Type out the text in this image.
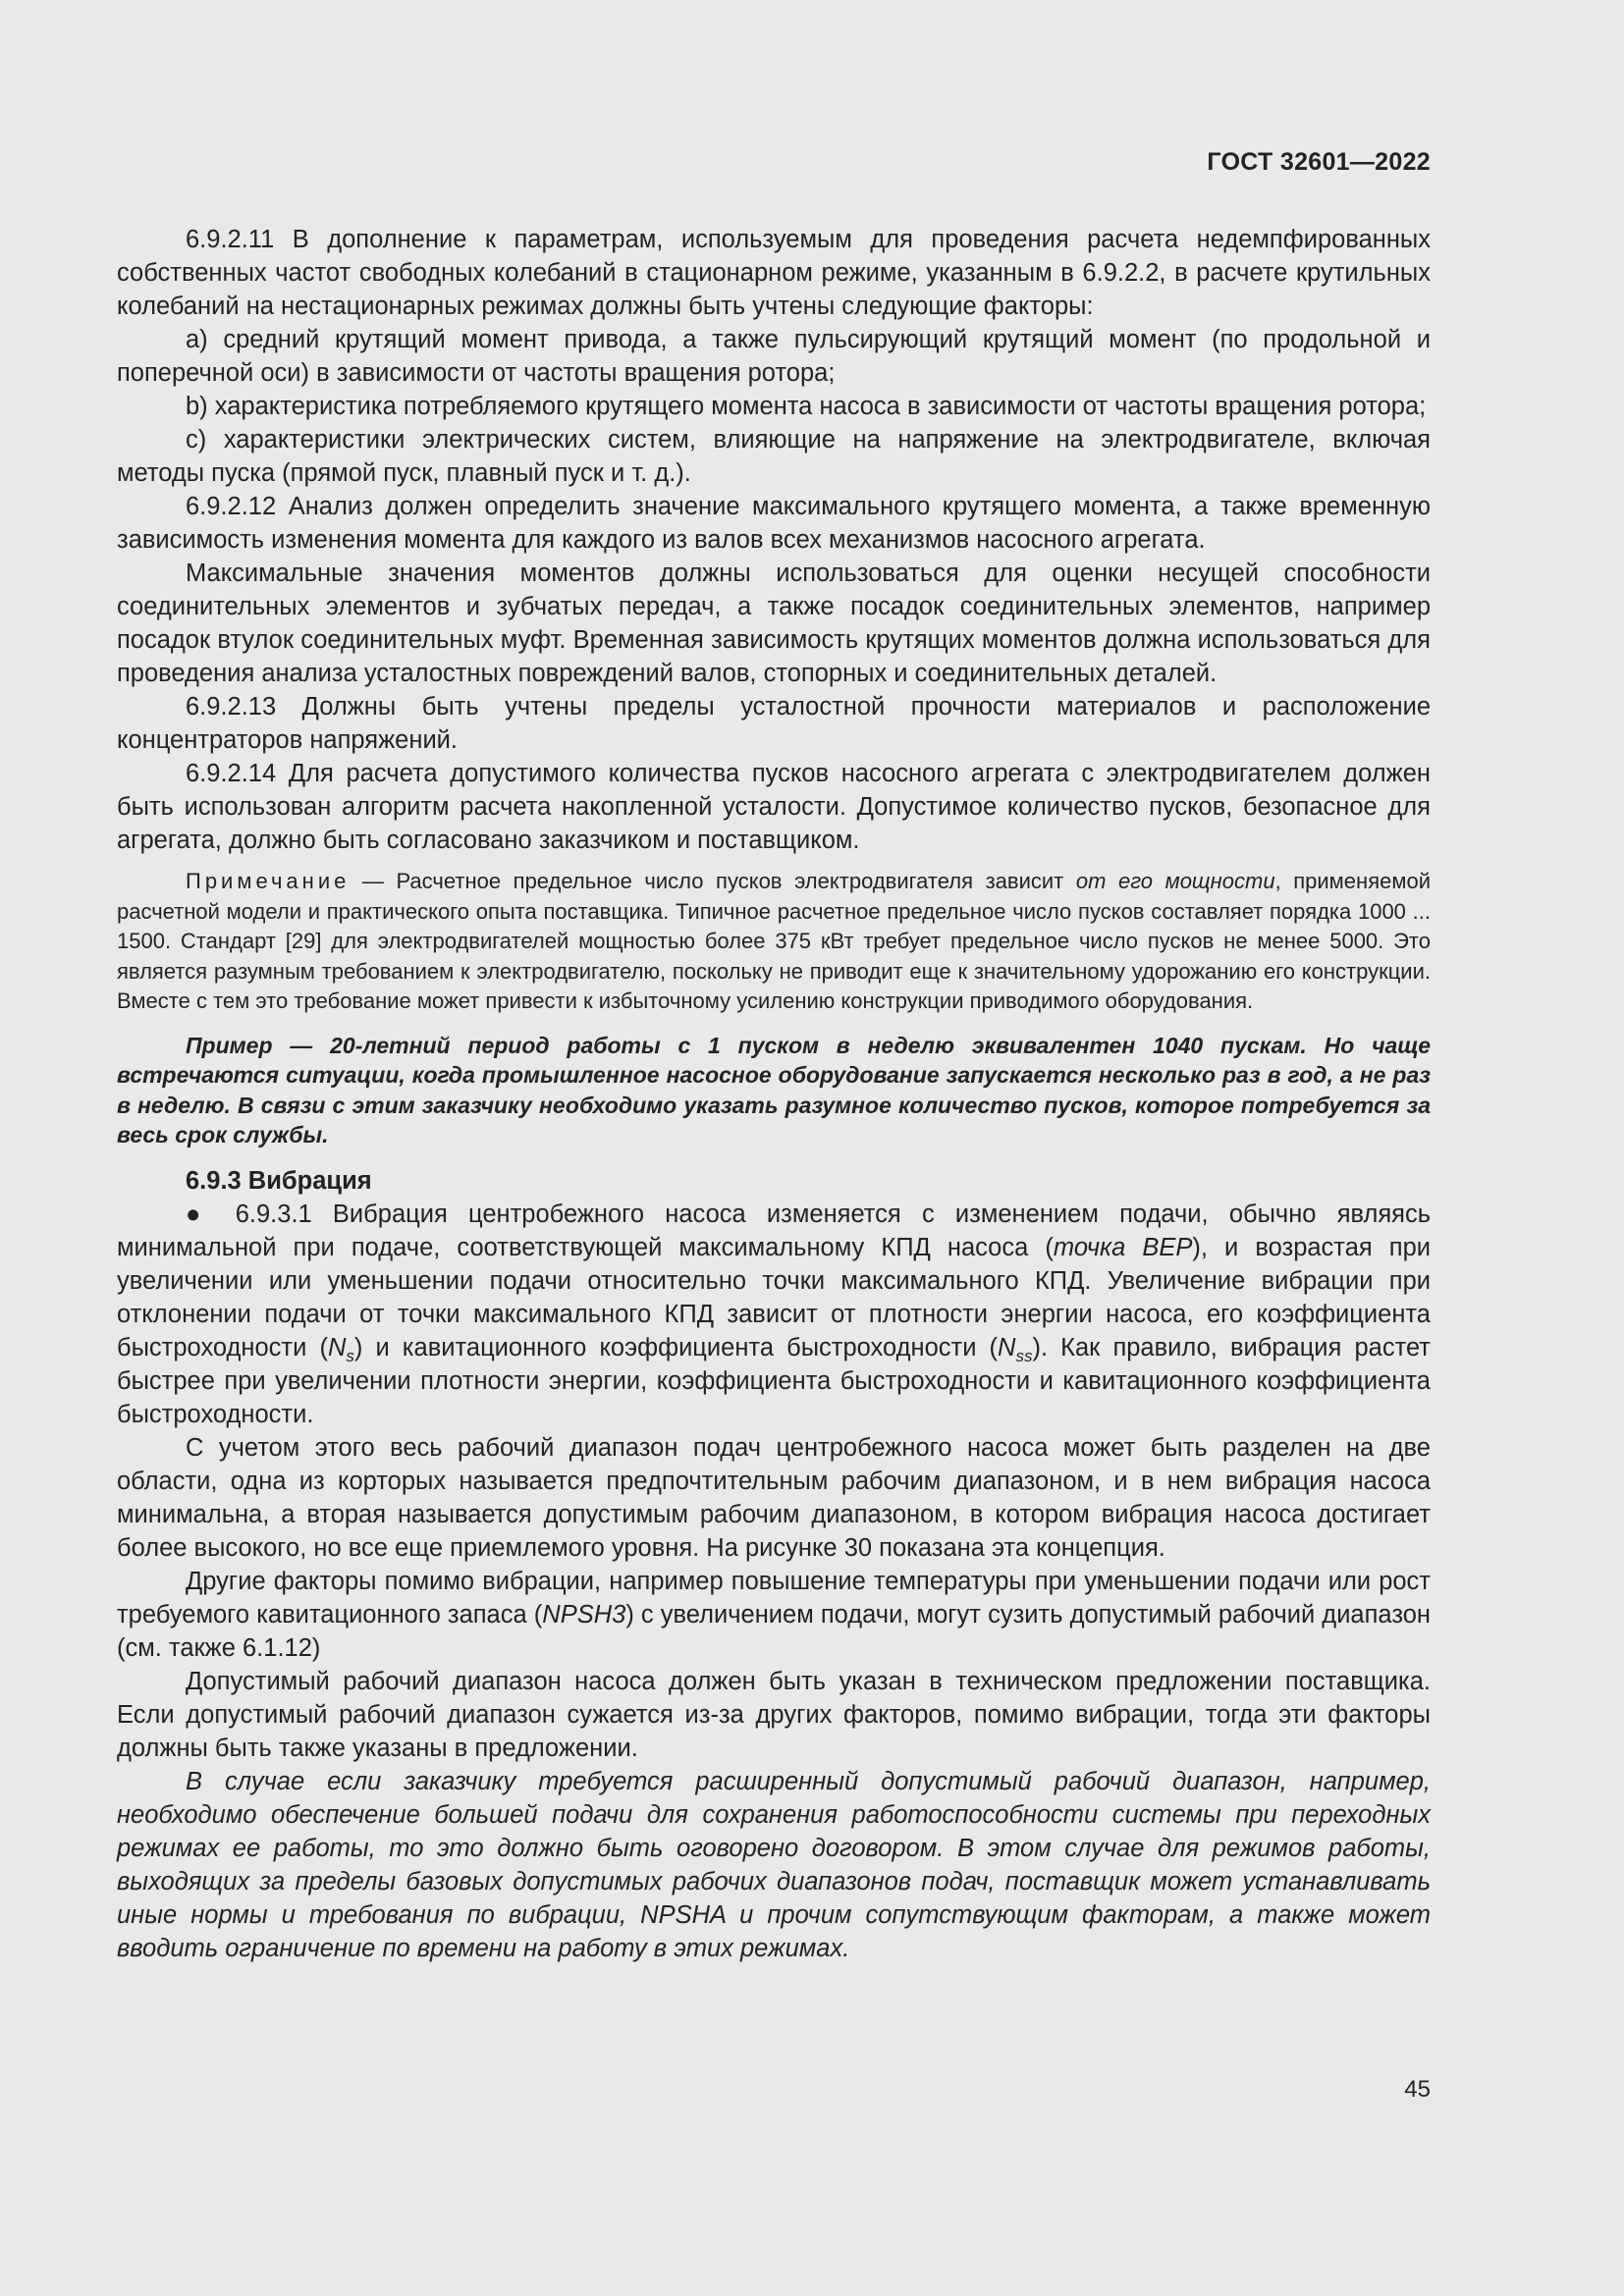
ГОСТ 32601—2022

6.9.2.11 В дополнение к параметрам, используемым для проведения расчета недемпфированных собственных частот свободных колебаний в стационарном режиме, указанным в 6.9.2.2, в расчете крутильных колебаний на нестационарных режимах должны быть учтены следующие факторы:

a) средний крутящий момент привода, а также пульсирующий крутящий момент (по продольной и поперечной оси) в зависимости от частоты вращения ротора;

b) характеристика потребляемого крутящего момента насоса в зависимости от частоты вращения ротора;

c) характеристики электрических систем, влияющие на напряжение на электродвигателе, включая методы пуска (прямой пуск, плавный пуск и т. д.).

6.9.2.12 Анализ должен определить значение максимального крутящего момента, а также временную зависимость изменения момента для каждого из валов всех механизмов насосного агрегата.

Максимальные значения моментов должны использоваться для оценки несущей способности соединительных элементов и зубчатых передач, а также посадок соединительных элементов, например посадок втулок соединительных муфт. Временная зависимость крутящих моментов должна использоваться для проведения анализа усталостных повреждений валов, стопорных и соединительных деталей.

6.9.2.13 Должны быть учтены пределы усталостной прочности материалов и расположение концентраторов напряжений.

6.9.2.14 Для расчета допустимого количества пусков насосного агрегата с электродвигателем должен быть использован алгоритм расчета накопленной усталости. Допустимое количество пусков, безопасное для агрегата, должно быть согласовано заказчиком и поставщиком.

Примечание — Расчетное предельное число пусков электродвигателя зависит от его мощности, применяемой расчетной модели и практического опыта поставщика. Типичное расчетное предельное число пусков составляет порядка 1000 ... 1500. Стандарт [29] для электродвигателей мощностью более 375 кВт требует предельное число пусков не менее 5000. Это является разумным требованием к электродвигателю, поскольку не приводит еще к значительному удорожанию его конструкции. Вместе с тем это требование может привести к избыточному усилению конструкции приводимого оборудования.

Пример — 20-летний период работы с 1 пуском в неделю эквивалентен 1040 пускам. Но чаще встречаются ситуации, когда промышленное насосное оборудование запускается несколько раз в год, а не раз в неделю. В связи с этим заказчику необходимо указать разумное количество пусков, которое потребуется за весь срок службы.

6.9.3 Вибрация

● 6.9.3.1 Вибрация центробежного насоса изменяется с изменением подачи, обычно являясь минимальной при подаче, соответствующей максимальному КПД насоса (точка BEP), и возрастая при увеличении или уменьшении подачи относительно точки максимального КПД. Увеличение вибрации при отклонении подачи от точки максимального КПД зависит от плотности энергии насоса, его коэффициента быстроходности $(N_s)$ и кавитационного коэффициента быстроходности $(N_{ss})$. Как правило, вибрация растет быстрее при увеличении плотности энергии, коэффициента быстроходности и кавитационного коэффициента быстроходности.

С учетом этого весь рабочий диапазон подач центробежного насоса может быть разделен на две области, одна из корторых называется предпочтительным рабочим диапазоном, и в нем вибрация насоса минимальна, а вторая называется допустимым рабочим диапазоном, в котором вибрация насоса достигает более высокого, но все еще приемлемого уровня. На рисунке 30 показана эта концепция.

Другие факторы помимо вибрации, например повышение температуры при уменьшении подачи или рост требуемого кавитационного запаса (NPSH3) с увеличением подачи, могут сузить допустимый рабочий диапазон (см. также 6.1.12)

Допустимый рабочий диапазон насоса должен быть указан в техническом предложении поставщика. Если допустимый рабочий диапазон сужается из-за других факторов, помимо вибрации, тогда эти факторы должны быть также указаны в предложении.

В случае если заказчику требуется расширенный допустимый рабочий диапазон, например, необходимо обеспечение большей подачи для сохранения работоспособности системы при переходных режимах ее работы, то это должно быть оговорено договором. В этом случае для режимов работы, выходящих за пределы базовых допустимых рабочих диапазонов подач, поставщик может устанавливать иные нормы и требования по вибрации, NPSHA и прочим сопутствующим факторам, а также может вводить ограничение по времени на работу в этих режимах.

45
